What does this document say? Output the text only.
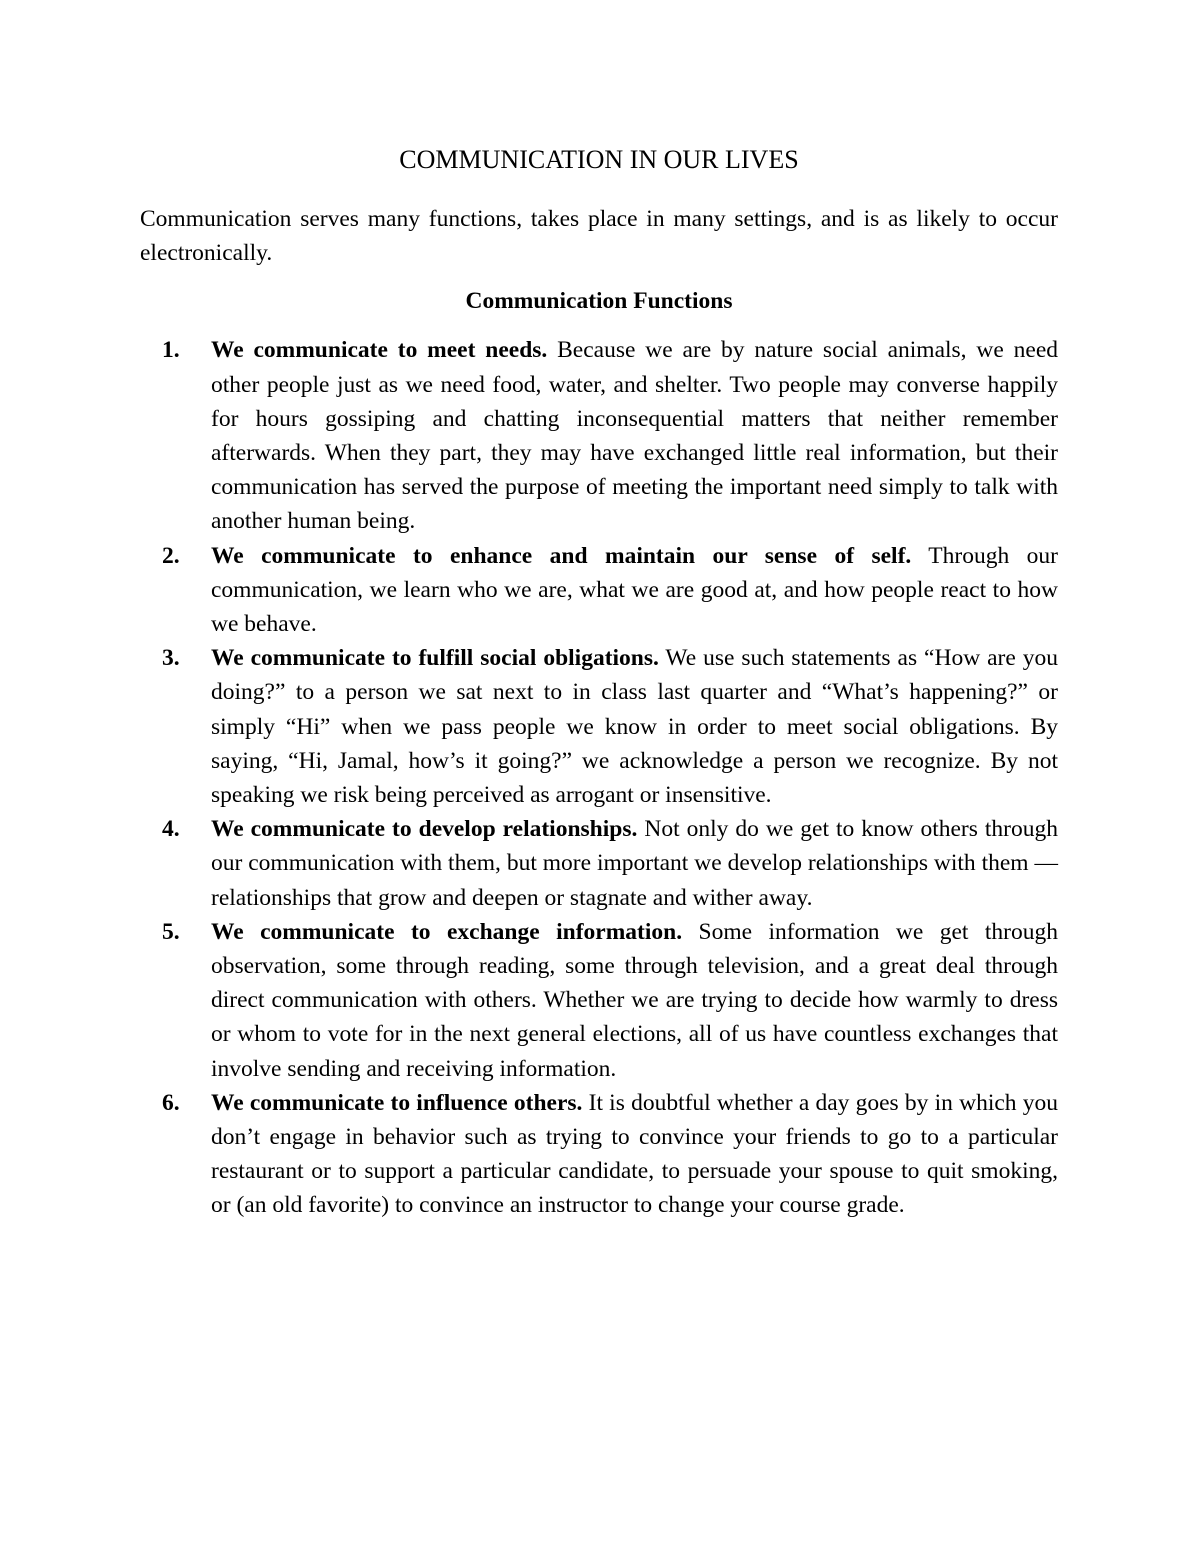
COMMUNICATION IN OUR LIVES

Communication serves many functions, takes place in many settings, and is as likely to occur electronically.

Communication Functions
1. We communicate to meet needs. Because we are by nature social animals, we need other people just as we need food, water, and shelter. Two people may converse happily for hours gossiping and chatting inconsequential matters that neither remember afterwards. When they part, they may have exchanged little real information, but their communication has served the purpose of meeting the important need simply to talk with another human being.
2. We communicate to enhance and maintain our sense of self. Through our communication, we learn who we are, what we are good at, and how people react to how we behave.
3. We communicate to fulfill social obligations. We use such statements as “How are you doing?” to a person we sat next to in class last quarter and “What’s happening?” or simply “Hi” when we pass people we know in order to meet social obligations. By saying, “Hi, Jamal, how’s it going?” we acknowledge a person we recognize. By not speaking we risk being perceived as arrogant or insensitive.
4. We communicate to develop relationships. Not only do we get to know others through our communication with them, but more important we develop relationships with them — relationships that grow and deepen or stagnate and wither away.
5. We communicate to exchange information. Some information we get through observation, some through reading, some through television, and a great deal through direct communication with others. Whether we are trying to decide how warmly to dress or whom to vote for in the next general elections, all of us have countless exchanges that involve sending and receiving information.
6. We communicate to influence others. It is doubtful whether a day goes by in which you don’t engage in behavior such as trying to convince your friends to go to a particular restaurant or to support a particular candidate, to persuade your spouse to quit smoking, or (an old favorite) to convince an instructor to change your course grade.
